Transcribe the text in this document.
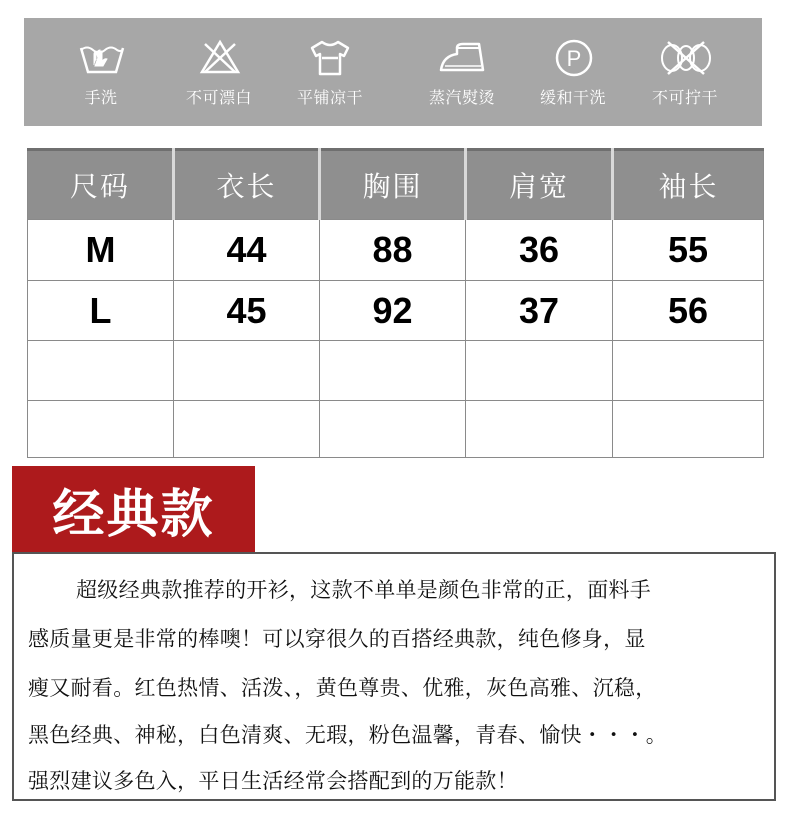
手洗	不可漂白	平铺凉干	蒸汽熨烫
P
缓和干洗	不可拧干
尺码	衣长	胸围	肩宽	袖长
M	44	88	36	55
L	45	92	37	56

经典款
超级经典款推荐的开衫，这款不单单是颜色非常的正，面料手
感质量更是非常的棒噢！可以穿很久的百搭经典款，纯色修身，显
瘦又耐看。红色热情、活泼、，黄色尊贵、优雅，灰色高雅、沉稳，
黑色经典、神秘，白色清爽、无瑕，粉色温馨，青春、愉快・・・。
强烈建议多色入，平日生活经常会搭配到的万能款！
